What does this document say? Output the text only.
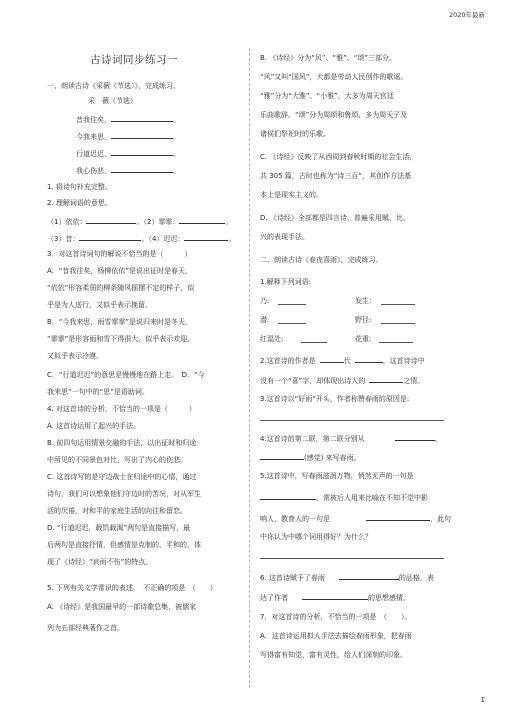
2020年最新
古诗词同步练习一
一、朗读古诗《采薇（节选）》，完成练习。
采　薇（节选）
昔我往矣，	。
今我来思，	。
行道迟迟，	。
我心伤悲，	。
1. 将诗句补充完整。
2. 理解词语的意思。
（1）依依：	。（2）霏霏：	。
（3）昔：	。（4）迟迟：	。
3．对这首诗词句的解说不恰当的是（　　　）
A．“昔我往矣，杨柳依依”是说出征时是春天，
“依依”形容柔弱的柳条随风摇摆不定的样子，似
乎是为人送行，又似乎表示挽留。
B．“今我来思，雨雪霏霏”是说归来时是冬天，
“霏霏”是形容雨和雪下得很大，似乎表示欢迎，
又似乎表示冷漠。
C．“行道迟迟”的意思是慢慢地在路上走。　D．“今
我来思”一句中的“思”是语助词。
4. 对这首诗的分析，不恰当的一项是（　　　）
A. 这首诗运用了起兴的手法。
B. 前四句运用情景交融的手法，以出征时和归途
中所见的不同景色对比，写出了内心的伤悲。
C. 这首诗写的是守边战士在归途中的心情，通过
诗句，我们可以想象他们守边时的苦况，对从军生
活的厌倦，对和平的家庭生活的向往和留恋。
D. “行道迟迟，载饥载渴”两句是直接描写，最
后两句是直接抒情，但感情是克制的、平和的，体
现了《诗经》“哀而不伤”的特点。
5. 下列有关文学常识的表述，　不正确的项是　（　　）
A. 《诗经》是我国最早的一部诗歌总集，被儒家
列为五部经典著作之首。
B. 《诗经》分为“风”、“雅”、“颂”三部分。
“风”又叫“国风”，大都是劳动人民创作的歌谣。
“雅”分为“大雅”、“小雅”，大多为周天官廷
乐曲歌辞。“颂”分为周颂和鲁颂，多为周天子及
诸侯们祭祀时的乐歌。
C. 《诗经》反映了从西周到春秋时期的社会生活，
共 305 篇，古时也称为“诗三百”，其创作方法基
本上是现实主义的。
D. 《诗经》全部都是四言诗，普遍采用赋、比、
兴的表现手法。
二、朗读古诗《春夜喜雨》，完成练习。
1.解释下列词语:
乃:	发生:
潜:	野径:
红湿处:	花重:
2.这首诗的作者是	代	，这首诗诗中
没有一个“喜”字，却体现出诗人的	之情。
3.这首诗以“好雨”开头，作者称赞春雨的原因是:
4.这首诗的第二联，第二联分别从	、
(感觉) 来写春雨。
5.这首诗中，写春雨滋润万物，悄然无声的一句是
，常被后人用来比喻在不知不觉中影
响人，教育人的一句是	，此句
中你认为中哪个词用得好？为什么？
6. 这首诗赋予了春雨	的品格，表
达了作者	的思想感情。
7．对这首诗的分析，不恰当的一项是　（　　）。
A．这首诗运用拟人手法去描绘春雨形象，把春雨
写得富有知觉，富有灵性，给人们深刻的印象。
1
